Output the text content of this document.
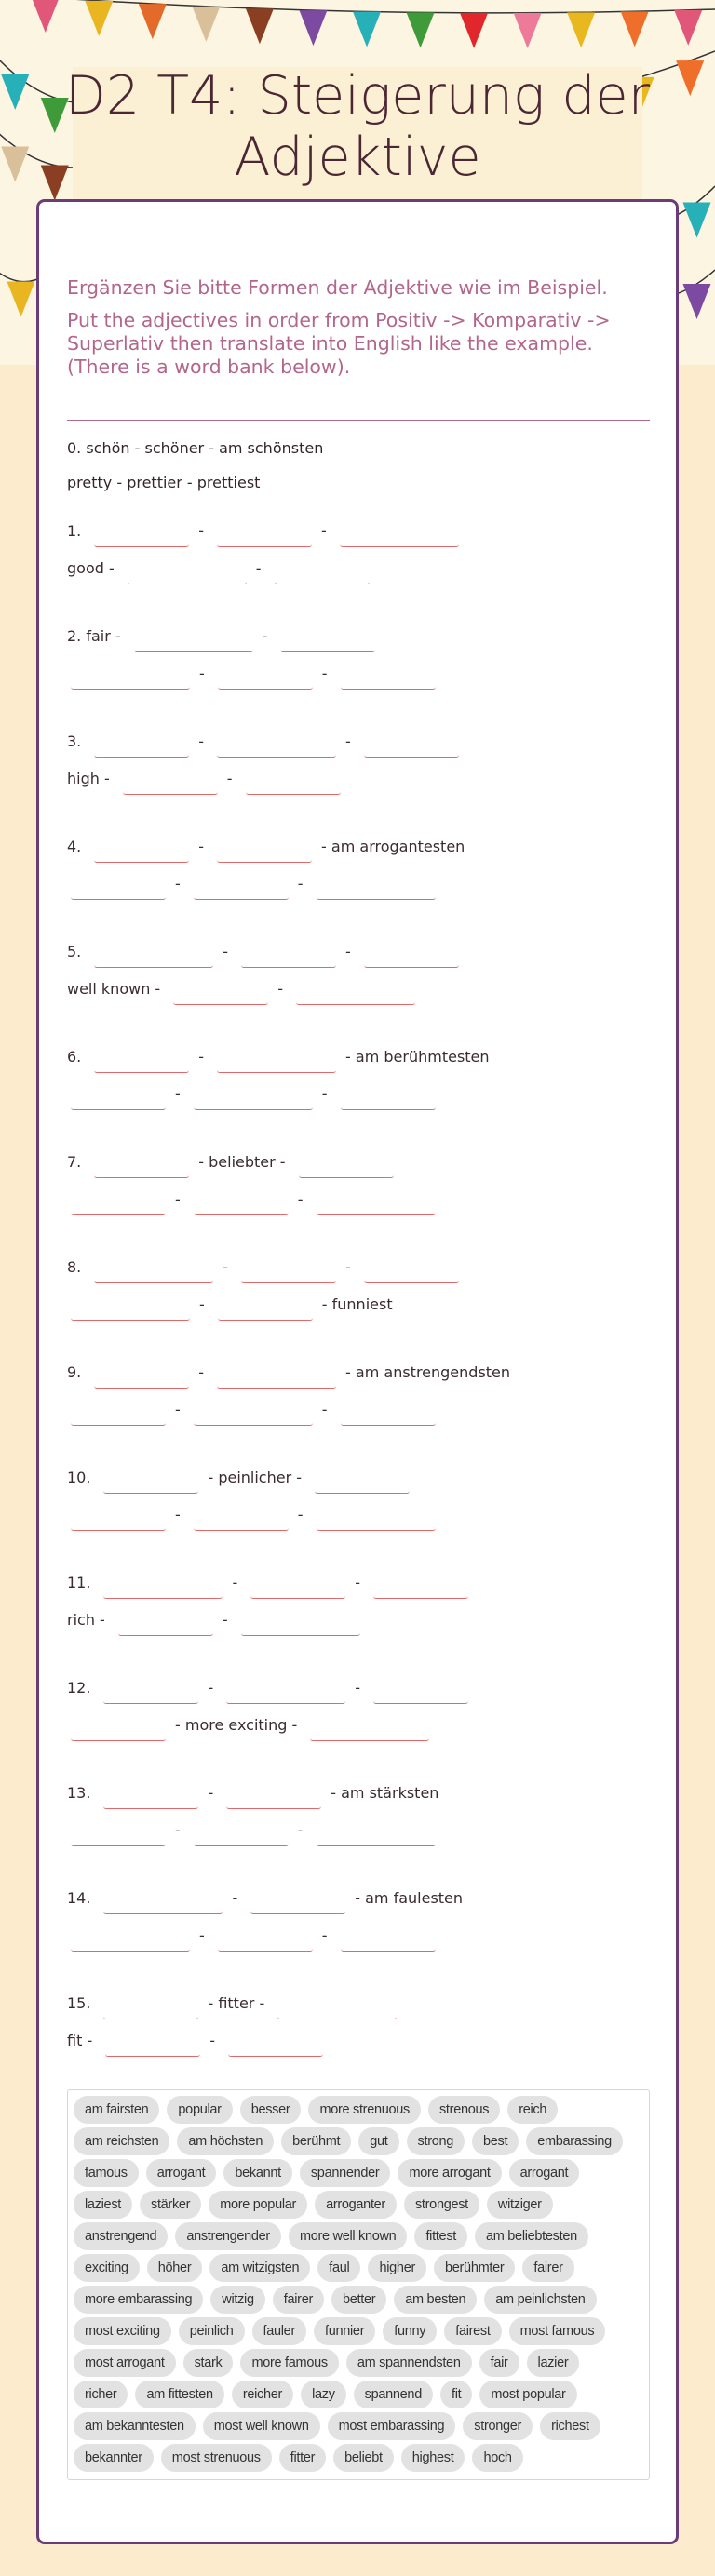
D2 T4: Steigerung der Adjektive

Ergänzen Sie bitte Formen der Adjektive wie im Beispiel.

Put the adjectives in order from Positiv -> Komparativ -> Superlativ then translate into English like the example. (There is a word bank below).

0. schön - schöner - am schönsten
pretty - prettier - prettiest
1.	-	-
good -	-
2. fair -	-
-	-
3.	-	-
high -	-
4.	-	- am arrogantesten
-	-
5.	-	-
well known -	-
6.	-	- am berühmtesten
-	-
7.	- beliebter -
-	-
8.	-	-
-	- funniest
9.	-	- am anstrengendsten
-	-
10.	- peinlicher -
-	-
11.	-	-
rich -	-
12.	-	-
- more exciting -
13.	-	- am stärksten
-	-
14.	-	- am faulesten
-	-
15.	- fitter -
fit -	-
am fairsten	popular	besser	more strenuous	strenous	reich
am reichsten	am höchsten	berühmt	gut	strong	best	embarassing
famous	arrogant	bekannt	spannender	more arrogant	arrogant
laziest	stärker	more popular	arroganter	strongest	witziger
anstrengend	anstrengender	more well known	fittest	am beliebtesten
exciting	höher	am witzigsten	faul	higher	berühmter	fairer
more embarassing	witzig	fairer	better	am besten	am peinlichsten
most exciting	peinlich	fauler	funnier	funny	fairest	most famous
most arrogant	stark	more famous	am spannendsten	fair	lazier
richer	am fittesten	reicher	lazy	spannend	fit	most popular
am bekanntesten	most well known	most embarassing	stronger	richest
bekannter	most strenuous	fitter	beliebt	highest	hoch
